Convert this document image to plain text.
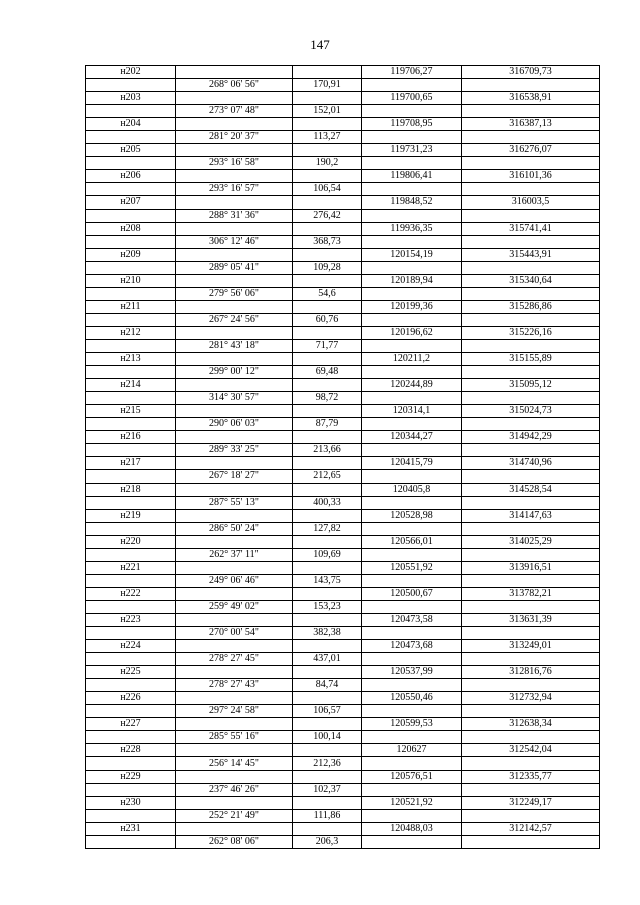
147
н202			119706,27	316709,73
	268° 06' 56"	170,91		
н203			119700,65	316538,91
	273° 07' 48"	152,01		
н204			119708,95	316387,13
	281° 20' 37"	113,27		
н205			119731,23	316276,07
	293° 16' 58"	190,2		
н206			119806,41	316101,36
	293° 16' 57"	106,54		
н207			119848,52	316003,5
	288° 31' 36"	276,42		
н208			119936,35	315741,41
	306° 12' 46"	368,73		
н209			120154,19	315443,91
	289° 05' 41"	109,28		
н210			120189,94	315340,64
	279° 56' 06"	54,6		
н211			120199,36	315286,86
	267° 24' 56"	60,76		
н212			120196,62	315226,16
	281° 43' 18"	71,77		
н213			120211,2	315155,89
	299° 00' 12"	69,48		
н214			120244,89	315095,12
	314° 30' 57"	98,72		
н215			120314,1	315024,73
	290° 06' 03"	87,79		
н216			120344,27	314942,29
	289° 33' 25"	213,66		
н217			120415,79	314740,96
	267° 18' 27"	212,65		
н218			120405,8	314528,54
	287° 55' 13"	400,33		
н219			120528,98	314147,63
	286° 50' 24"	127,82		
н220			120566,01	314025,29
	262° 37' 11"	109,69		
н221			120551,92	313916,51
	249° 06' 46"	143,75		
н222			120500,67	313782,21
	259° 49' 02"	153,23		
н223			120473,58	313631,39
	270° 00' 54"	382,38		
н224			120473,68	313249,01
	278° 27' 45"	437,01		
н225			120537,99	312816,76
	278° 27' 43"	84,74		
н226			120550,46	312732,94
	297° 24' 58"	106,57		
н227			120599,53	312638,34
	285° 55' 16"	100,14		
н228			120627	312542,04
	256° 14' 45"	212,36		
н229			120576,51	312335,77
	237° 46' 26"	102,37		
н230			120521,92	312249,17
	252° 21' 49"	111,86		
н231			120488,03	312142,57
	262° 08' 06"	206,3		
